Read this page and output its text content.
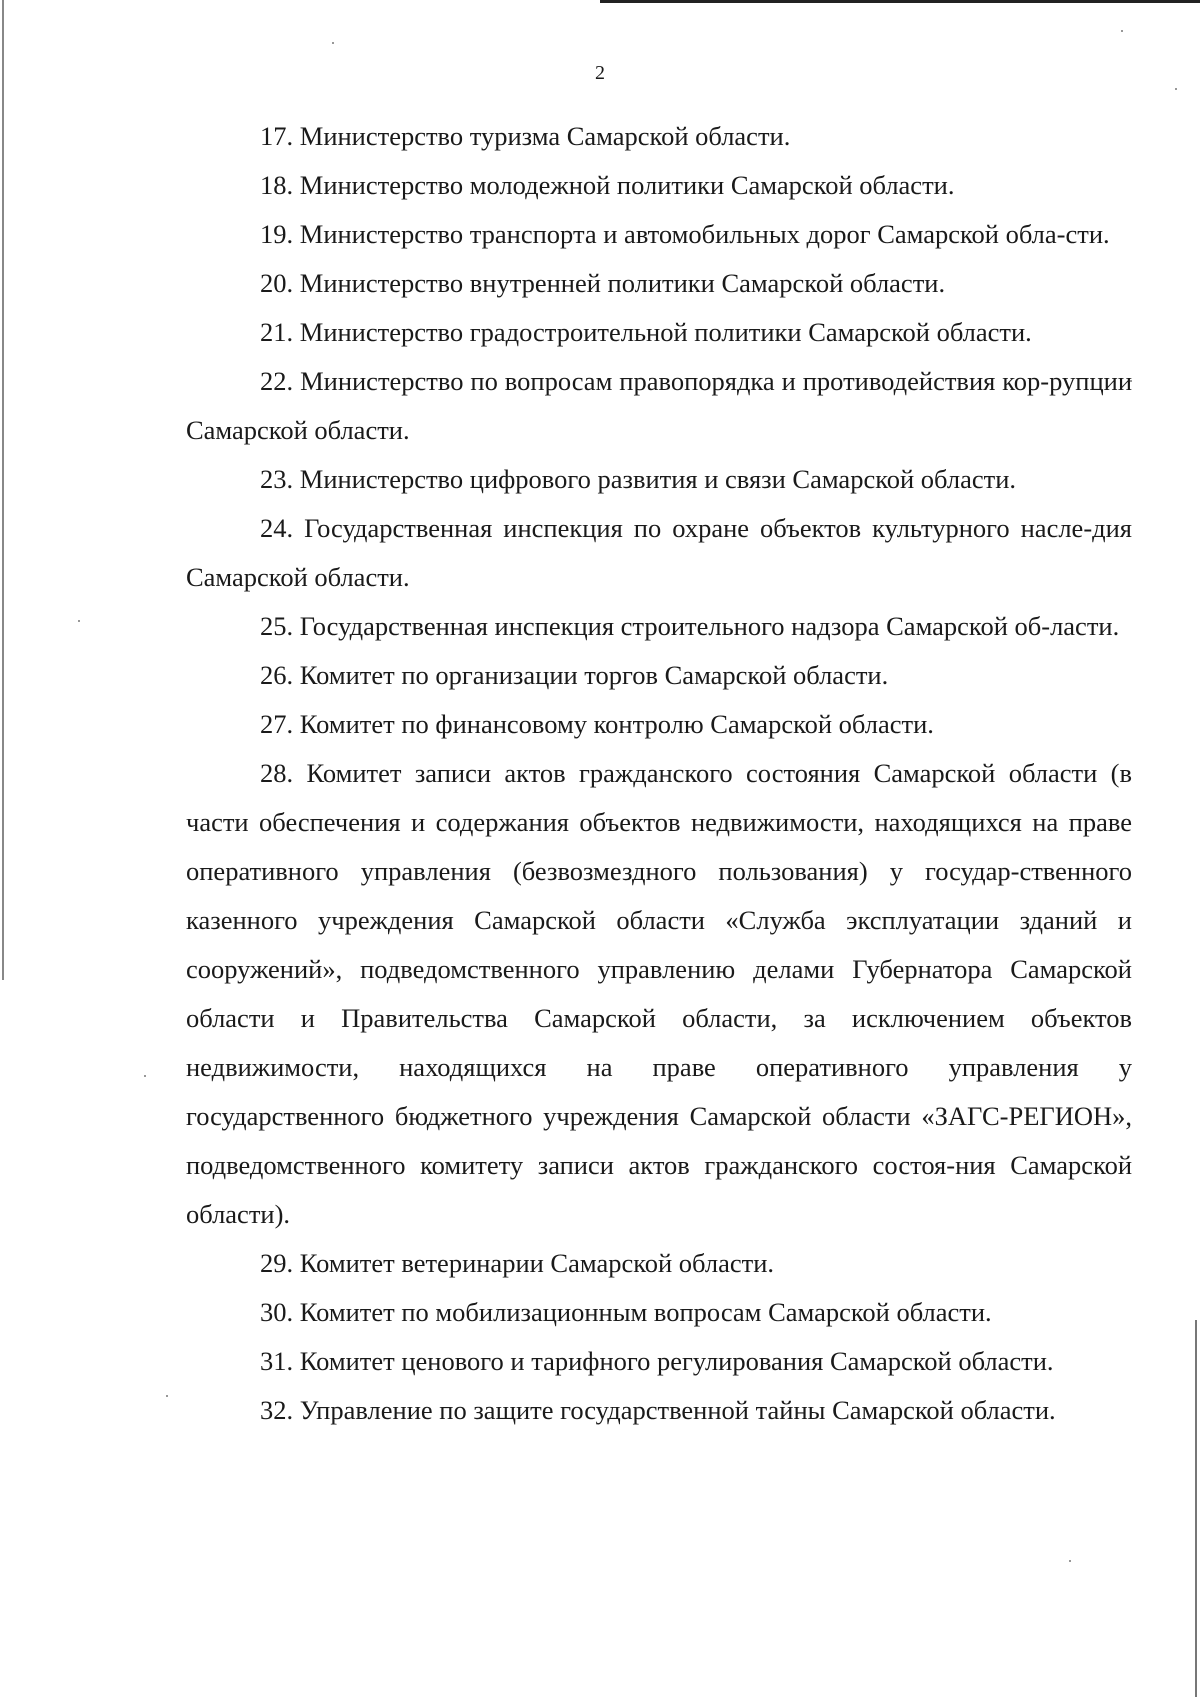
2

17. Министерство туризма Самарской области.

18. Министерство молодежной политики Самарской области.

19. Министерство транспорта и автомобильных дорог Самарской обла-сти.

20. Министерство внутренней политики Самарской области.

21. Министерство градостроительной политики Самарской области.

22. Министерство по вопросам правопорядка и противодействия кор-рупции Самарской области.

23. Министерство цифрового развития и связи Самарской области.

24. Государственная инспекция по охране объектов культурного насле-дия Самарской области.

25. Государственная инспекция строительного надзора Самарской об-ласти.

26. Комитет по организации торгов Самарской области.

27. Комитет по финансовому контролю Самарской области.

28. Комитет записи актов гражданского состояния Самарской области (в части обеспечения и содержания объектов недвижимости, находящихся на праве оперативного управления (безвозмездного пользования) у государ-ственного казенного учреждения Самарской области «Служба эксплуатации зданий и сооружений», подведомственного управлению делами Губернатора Самарской области и Правительства Самарской области, за исключением объектов недвижимости, находящихся на праве оперативного управления у государственного бюджетного учреждения Самарской области «ЗАГС-РЕГИОН», подведомственного комитету записи актов гражданского состоя-ния Самарской области).

29. Комитет ветеринарии Самарской области.

30. Комитет по мобилизационным вопросам Самарской области.

31. Комитет ценового и тарифного регулирования Самарской области.

32. Управление по защите государственной тайны Самарской области.
